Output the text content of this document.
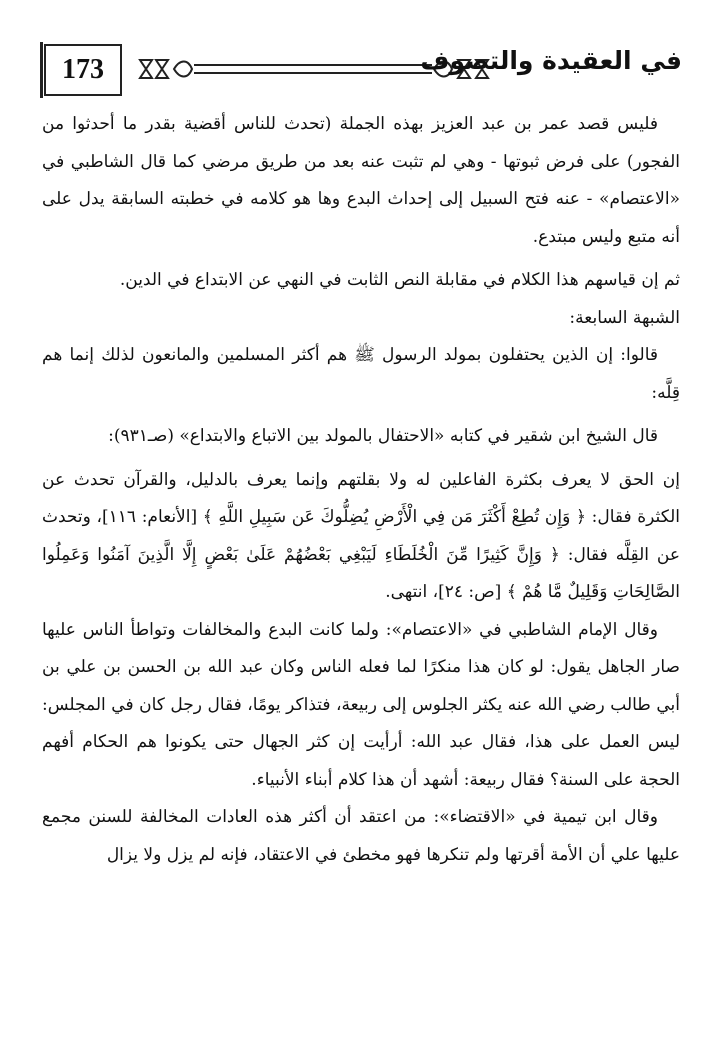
173	في العقيدة والتصوف

فليس قصد عمر بن عبد العزيز بهذه الجملة (تحدث للناس أقضية بقدر ما أحدثوا من الفجور) على فرض ثبوتها - وهي لم تثبت عنه بعد من طريق مرضي كما قال الشاطبي في «الاعتصام» - عنه فتح السبيل إلى إحداث البدع وها هو كلامه في خطبته السابقة يدل على أنه متبع وليس مبتدع.

ثم إن قياسهم هذا الكلام في مقابلة النص الثابت في النهي عن الابتداع في الدين.

الشبهة السابعة:

قالوا: إن الذين يحتفلون بمولد الرسول ﷺ هم أكثر المسلمين والمانعون لذلك إنما هم قِلَّه:

قال الشيخ ابن شقير في كتابه «الاحتفال بالمولد بين الاتباع والابتداع» (صـ٩٣١):

إن الحق لا يعرف بكثرة الفاعلين له ولا بقلتهم وإنما يعرف بالدليل، والقرآن تحدث عن الكثرة فقال: ﴿ وَإِن تُطِعْ أَكْثَرَ مَن فِي الْأَرْضِ يُضِلُّوكَ عَن سَبِيلِ اللَّهِ ﴾ [الأنعام: ١١٦]، وتحدث عن القِلَّه فقال: ﴿ وَإِنَّ كَثِيرًا مِّنَ الْخُلَطَاءِ لَيَبْغِي بَعْضُهُمْ عَلَىٰ بَعْضٍ إِلَّا الَّذِينَ آمَنُوا وَعَمِلُوا الصَّالِحَاتِ وَقَلِيلٌ مَّا هُمْ ﴾ [ص: ٢٤]، انتهى.

وقال الإمام الشاطبي في «الاعتصام»: ولما كانت البدع والمخالفات وتواطأ الناس عليها صار الجاهل يقول: لو كان هذا منكرًا لما فعله الناس وكان عبد الله بن الحسن بن علي بن أبي طالب رضي الله عنه يكثر الجلوس إلى ربيعة، فتذاكر يومًا، فقال رجل كان في المجلس: ليس العمل على هذا، فقال عبد الله: أرأيت إن كثر الجهال حتى يكونوا هم الحكام أفهم الحجة على السنة؟ فقال ربيعة: أشهد أن هذا كلام أبناء الأنبياء.

وقال ابن تيمية في «الاقتضاء»: من اعتقد أن أكثر هذه العادات المخالفة للسنن مجمع عليها علي أن الأمة أقرتها ولم تنكرها فهو مخطئ في الاعتقاد، فإنه لم يزل ولا يزال
